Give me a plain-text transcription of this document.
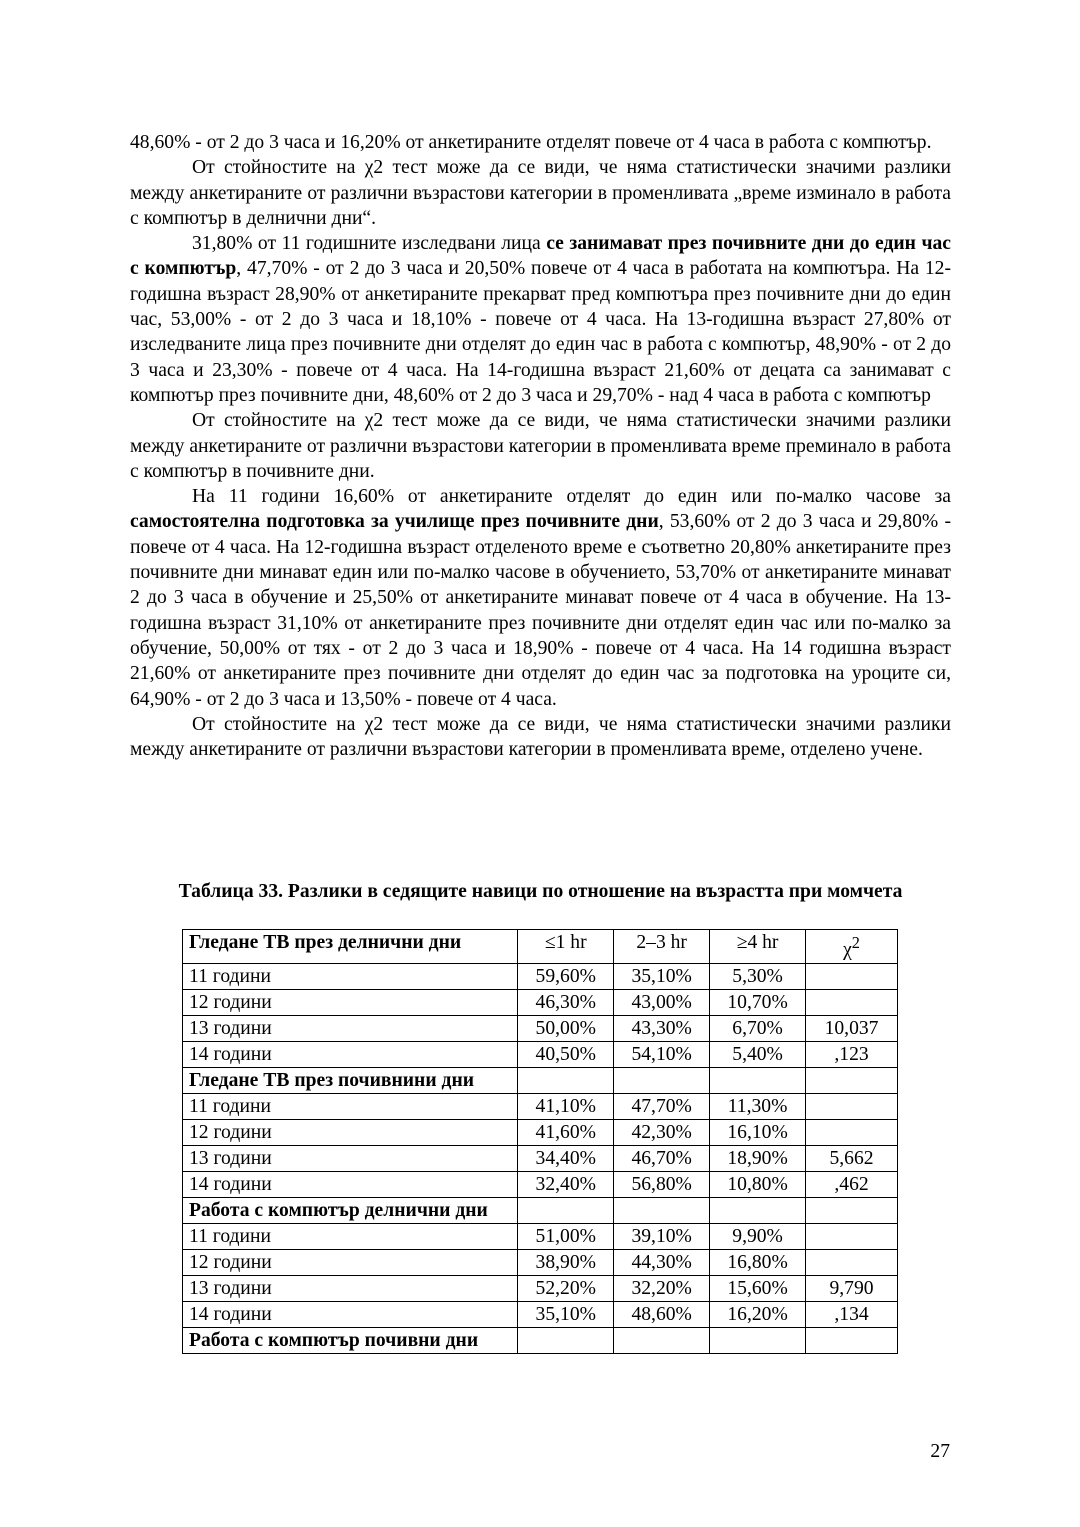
48,60% - от 2 до 3 часа и 16,20% от анкетираните отделят повече от 4 часа в работа с компютър.

От стойностите на χ2 тест може да се види, че няма статистически значими разлики между анкетираните от различни възрастови категории в променливата „време изминало в работа с компютър в делнични дни“.

31,80% от 11 годишните изследвани лица се занимават през почивните дни до един час с компютър, 47,70% - от 2 до 3 часа и 20,50% повече от 4 часа в работата на компютъра. На 12-годишна възраст 28,90% от анкетираните прекарват пред компютъра през почивните дни до един час, 53,00% - от 2 до 3 часа и 18,10% - повече от 4 часа. На 13-годишна възраст 27,80% от изследваните лица през почивните дни отделят до един час в работа с компютър, 48,90% - от 2 до 3 часа и 23,30% - повече от 4 часа. На 14-годишна възраст 21,60% от децата са занимават с компютър през почивните дни, 48,60% от 2 до 3 часа и 29,70% - над 4 часа в работа с компютър

От стойностите на χ2 тест може да се види, че няма статистически значими разлики между анкетираните от различни възрастови категории в променливата време преминало в работа с компютър в почивните дни.

На 11 години 16,60% от анкетираните отделят до един или по-малко часове за самостоятелна подготовка за училище през почивните дни, 53,60% от 2 до 3 часа и 29,80% - повече от 4 часа. На 12-годишна възраст отделеното време е съответно 20,80% анкетираните през почивните дни минават един или по-малко часове в обучението, 53,70% от анкетираните минават 2 до 3 часа в обучение и 25,50% от анкетираните минават повече от 4 часа в обучение. На 13-годишна възраст 31,10% от анкетираните през почивните дни отделят един час или по-малко за обучение, 50,00% от тях - от 2 до 3 часа и 18,90% - повече от 4 часа. На 14 годишна възраст 21,60% от анкетираните през почивните дни отделят до един час за подготовка на уроците си, 64,90% - от 2 до 3 часа и 13,50% - повече от 4 часа.

От стойностите на χ2 тест може да се види, че няма статистически значими разлики между анкетираните от различни възрастови категории в променливата време, отделено учене.

Таблица 33. Разлики в седящите навици по отношение на възрастта при момчета
Гледане ТВ през делнични дни	≤1 hr	2–3 hr	≥4 hr	$\chi^2$
11 години	59,60%	35,10%	5,30%	
12 години	46,30%	43,00%	10,70%	
13 години	50,00%	43,30%	6,70%	10,037
14 години	40,50%	54,10%	5,40%	,123
Гледане ТВ през почивнини дни				
11 години	41,10%	47,70%	11,30%	
12 години	41,60%	42,30%	16,10%	
13 години	34,40%	46,70%	18,90%	5,662
14 години	32,40%	56,80%	10,80%	,462
Работа с компютър делнични дни				
11 години	51,00%	39,10%	9,90%	
12 години	38,90%	44,30%	16,80%	
13 години	52,20%	32,20%	15,60%	9,790
14 години	35,10%	48,60%	16,20%	,134
Работа с компютър почивни дни				
27
